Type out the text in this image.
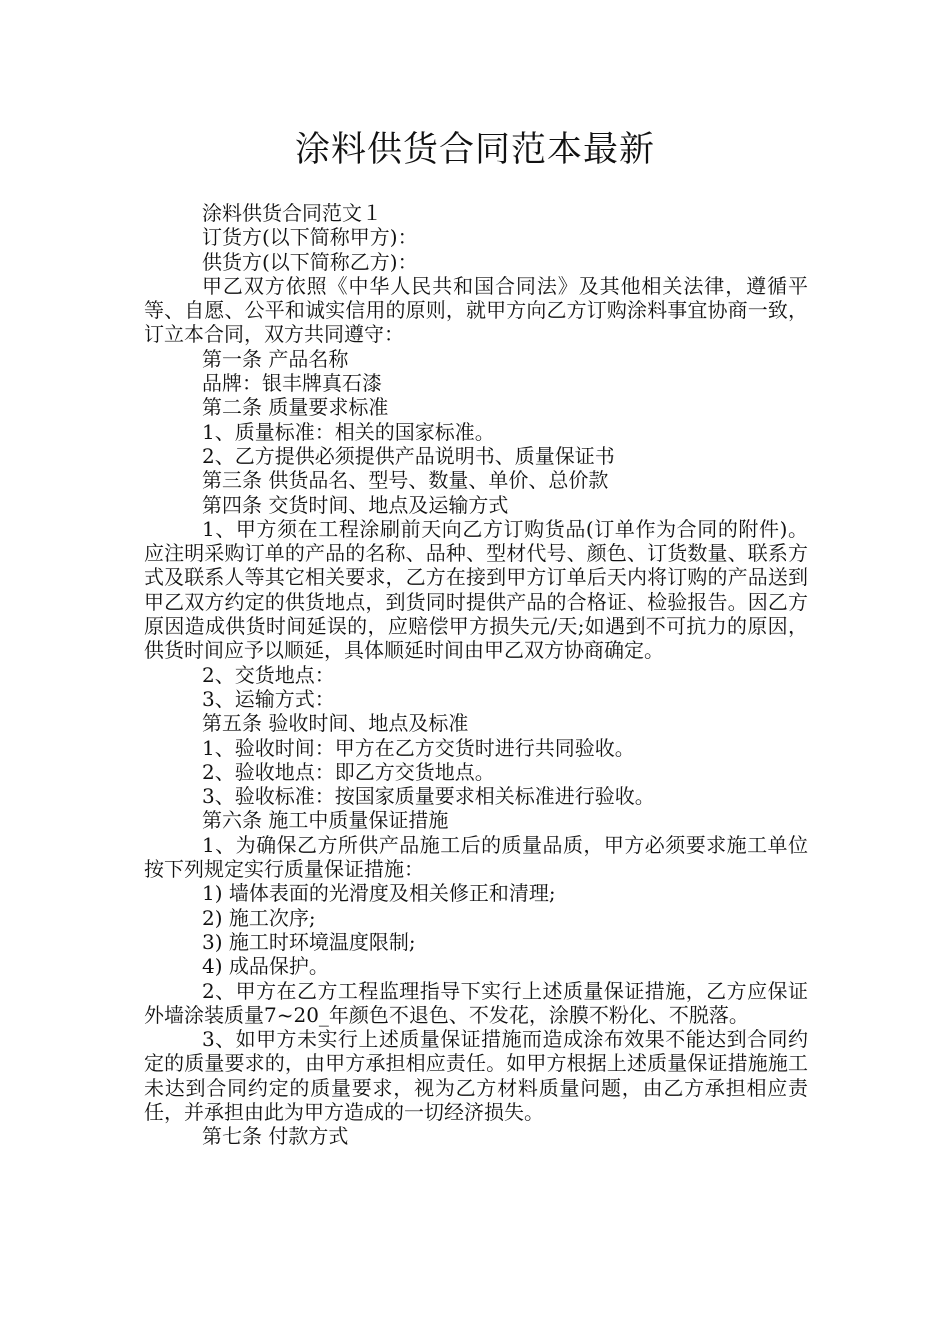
涂料供货合同范本最新

涂料供货合同范文１

订货方(以下简称甲方)：

供货方(以下简称乙方)：

甲乙双方依照《中华人民共和国合同法》及其他相关法律，遵循平等、自愿、公平和诚实信用的原则，就甲方向乙方订购涂料事宜协商一致，订立本合同，双方共同遵守：

第一条 产品名称

品牌：银丰牌真石漆

第二条 质量要求标准

1、质量标准：相关的国家标准。

2、乙方提供必须提供产品说明书、质量保证书

第三条 供货品名、型号、数量、单价、总价款

第四条 交货时间、地点及运输方式

1、甲方须在工程涂刷前天向乙方订购货品(订单作为合同的附件)。应注明采购订单的产品的名称、品种、型材代号、颜色、订货数量、联系方式及联系人等其它相关要求，乙方在接到甲方订单后天内将订购的产品送到甲乙双方约定的供货地点，到货同时提供产品的合格证、检验报告。因乙方原因造成供货时间延误的，应赔偿甲方损失元/天;如遇到不可抗力的原因，供货时间应予以顺延，具体顺延时间由甲乙双方协商确定。

2、交货地点：

3、运输方式：

第五条 验收时间、地点及标准

1、验收时间：甲方在乙方交货时进行共同验收。

2、验收地点：即乙方交货地点。

3、验收标准：按国家质量要求相关标准进行验收。

第六条 施工中质量保证措施

1、为确保乙方所供产品施工后的质量品质，甲方必须要求施工单位按下列规定实行质量保证措施：

1) 墙体表面的光滑度及相关修正和清理;

2) 施工次序;

3) 施工时环境温度限制;

4) 成品保护。

2、甲方在乙方工程监理指导下实行上述质量保证措施，乙方应保证外墙涂装质量7~20_年颜色不退色、不发花，涂膜不粉化、不脱落。

3、如甲方未实行上述质量保证措施而造成涂布效果不能达到合同约定的质量要求的，由甲方承担相应责任。如甲方根据上述质量保证措施施工未达到合同约定的质量要求，视为乙方材料质量问题，由乙方承担相应责任，并承担由此为甲方造成的一切经济损失。

第七条 付款方式
